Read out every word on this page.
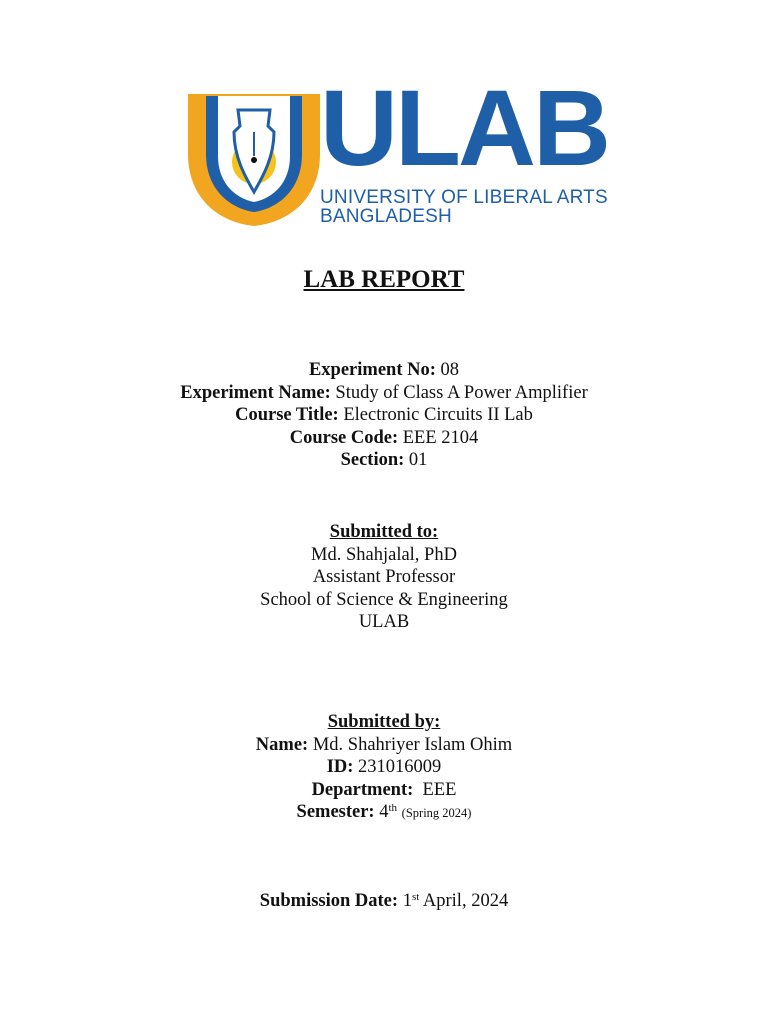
ULAB
UNIVERSITY OF LIBERAL ARTS
BANGLADESH
LAB REPORT
Experiment No: 08
Experiment Name: Study of Class A Power Amplifier
Course Title: Electronic Circuits II Lab
Course Code: EEE 2104
Section: 01
Submitted to:
Md. Shahjalal, PhD
Assistant Professor
School of Science & Engineering
ULAB
Submitted by:
Name: Md. Shahriyer Islam Ohim
ID: 231016009
Department: EEE
Semester: 4th (Spring 2024)
Submission Date: 1st April, 2024
